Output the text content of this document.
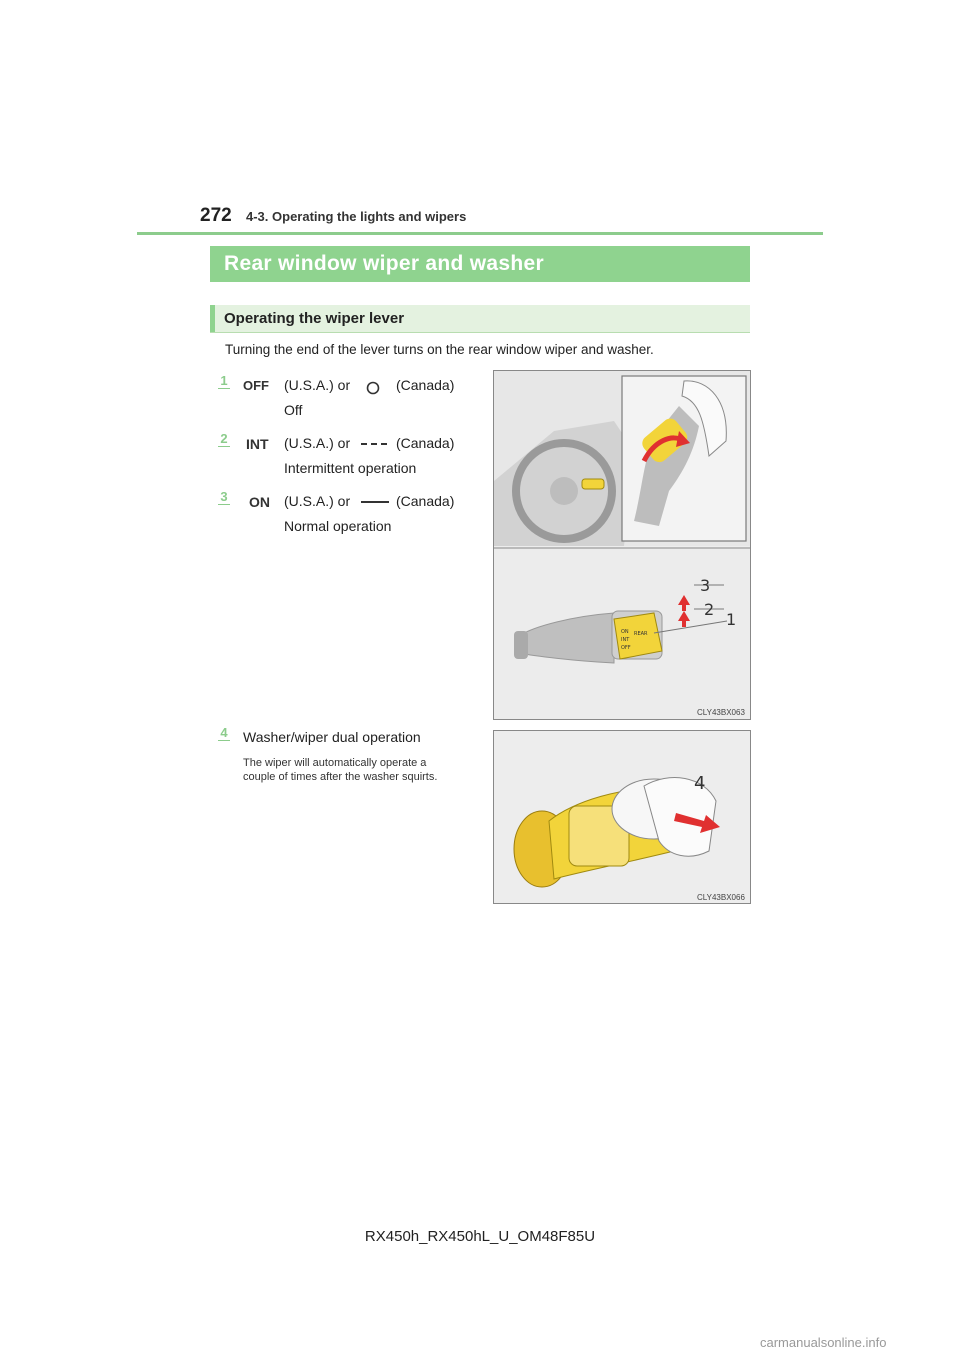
272 4-3. Operating the lights and wipers
Rear window wiper and washer
Operating the wiper lever
Turning the end of the lever turns on the rear window wiper and washer.
1 OFF (U.S.A.) or	(Canada)
Off
2 INT (U.S.A.) or	(Canada)
Intermittent operation
3 ON (U.S.A.) or	(Canada)
Normal operation
4 Washer/wiper dual operation
The wiper will automatically operate a
couple of times after the washer squirts.
ON
INT
OFF
REAR
3
2
1
CLY43BX063
4
CLY43BX066
RX450h_RX450hL_U_OM48F85U
carmanualsonline.info
